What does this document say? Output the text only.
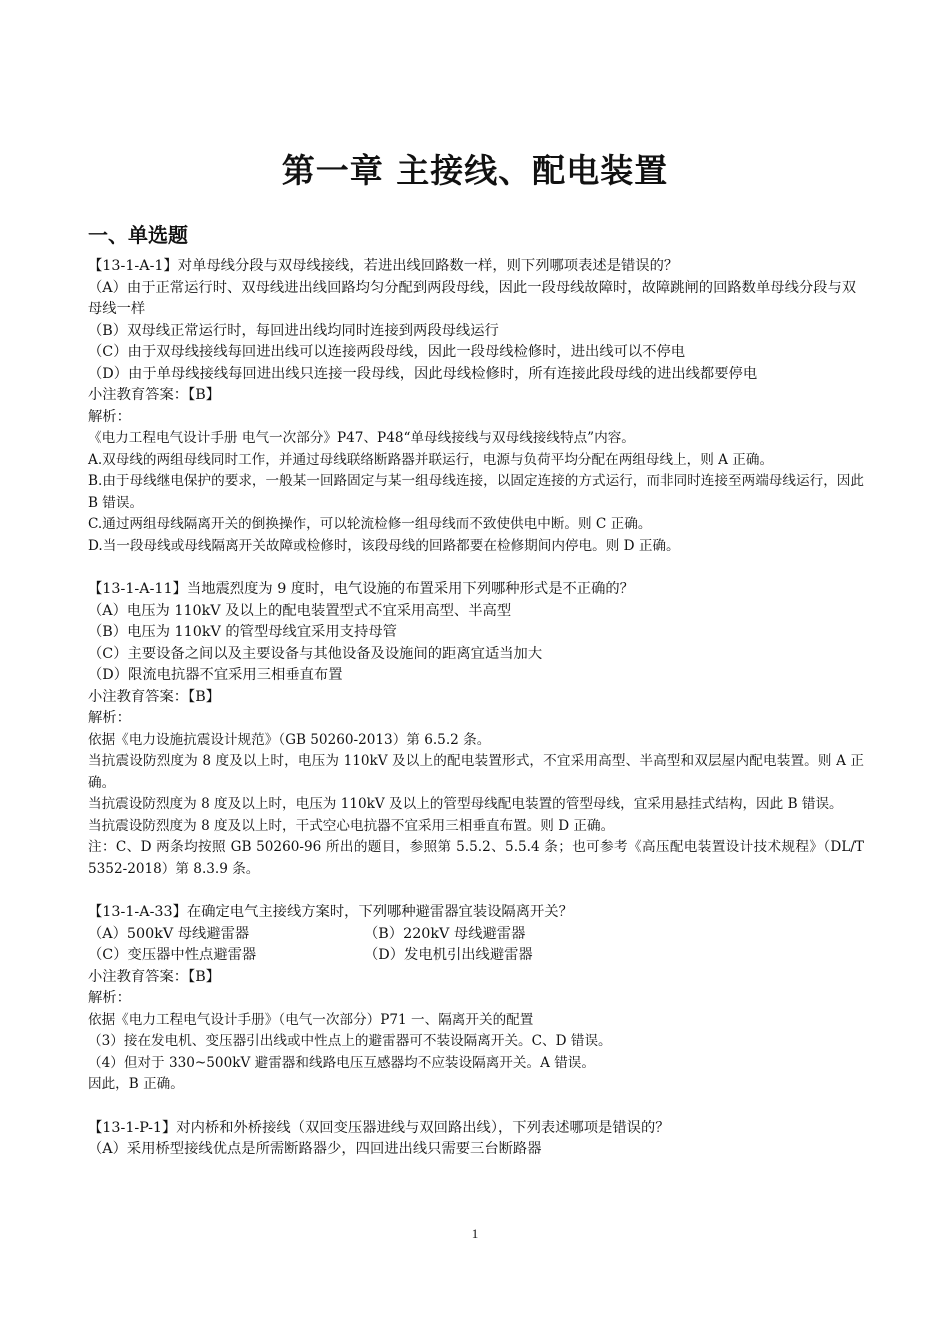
第一章 主接线、配电装置
一、单选题

【13-1-A-1】对单母线分段与双母线接线，若进出线回路数一样，则下列哪项表述是错误的？

（A）由于正常运行时、双母线进出线回路均匀分配到两段母线，因此一段母线故障时，故障跳闸的回路数单母线分段与双母线一样

（B）双母线正常运行时，每回进出线均同时连接到两段母线运行

（C）由于双母线接线每回进出线可以连接两段母线，因此一段母线检修时，进出线可以不停电

（D）由于单母线接线每回进出线只连接一段母线，因此母线检修时，所有连接此段母线的进出线都要停电

小注教育答案：【B】

解析：

《电力工程电气设计手册 电气一次部分》P47、P48“单母线接线与双母线接线特点”内容。

A.双母线的两组母线同时工作，并通过母线联络断路器并联运行，电源与负荷平均分配在两组母线上，则 A 正确。

B.由于母线继电保护的要求，一般某一回路固定与某一组母线连接，以固定连接的方式运行，而非同时连接至两端母线运行，因此 B 错误。

C.通过两组母线隔离开关的倒换操作，可以轮流检修一组母线而不致使供电中断。则 C 正确。

D.当一段母线或母线隔离开关故障或检修时，该段母线的回路都要在检修期间内停电。则 D 正确。

【13-1-A-11】当地震烈度为 9 度时，电气设施的布置采用下列哪种形式是不正确的？

（A）电压为 110kV 及以上的配电装置型式不宜采用高型、半高型

（B）电压为 110kV 的管型母线宜采用支持母管

（C）主要设备之间以及主要设备与其他设备及设施间的距离宜适当加大

（D）限流电抗器不宜采用三相垂直布置

小注教育答案：【B】

解析：

依据《电力设施抗震设计规范》（GB 50260-2013）第 6.5.2 条。

当抗震设防烈度为 8 度及以上时，电压为 110kV 及以上的配电装置形式，不宜采用高型、半高型和双层屋内配电装置。则 A 正确。

当抗震设防烈度为 8 度及以上时，电压为 110kV 及以上的管型母线配电装置的管型母线，宜采用悬挂式结构，因此 B 错误。

当抗震设防烈度为 8 度及以上时，干式空心电抗器不宜采用三相垂直布置。则 D 正确。

注：C、D 两条均按照 GB 50260-96 所出的题目，参照第 5.5.2、5.5.4 条；也可参考《高压配电装置设计技术规程》（DL/T 5352-2018）第 8.3.9 条。

【13-1-A-33】在确定电气主接线方案时，下列哪种避雷器宜装设隔离开关？

（A）500kV 母线避雷器	（B）220kV 母线避雷器
（C）变压器中性点避雷器	（D）发电机引出线避雷器

小注教育答案：【B】

解析：

依据《电力工程电气设计手册》（电气一次部分）P71 一、隔离开关的配置

（3）接在发电机、变压器引出线或中性点上的避雷器可不装设隔离开关。C、D 错误。

（4）但对于 330~500kV 避雷器和线路电压互感器均不应装设隔离开关。A 错误。

因此，B 正确。

【13-1-P-1】对内桥和外桥接线（双回变压器进线与双回路出线），下列表述哪项是错误的？

（A）采用桥型接线优点是所需断路器少，四回进出线只需要三台断路器

1
